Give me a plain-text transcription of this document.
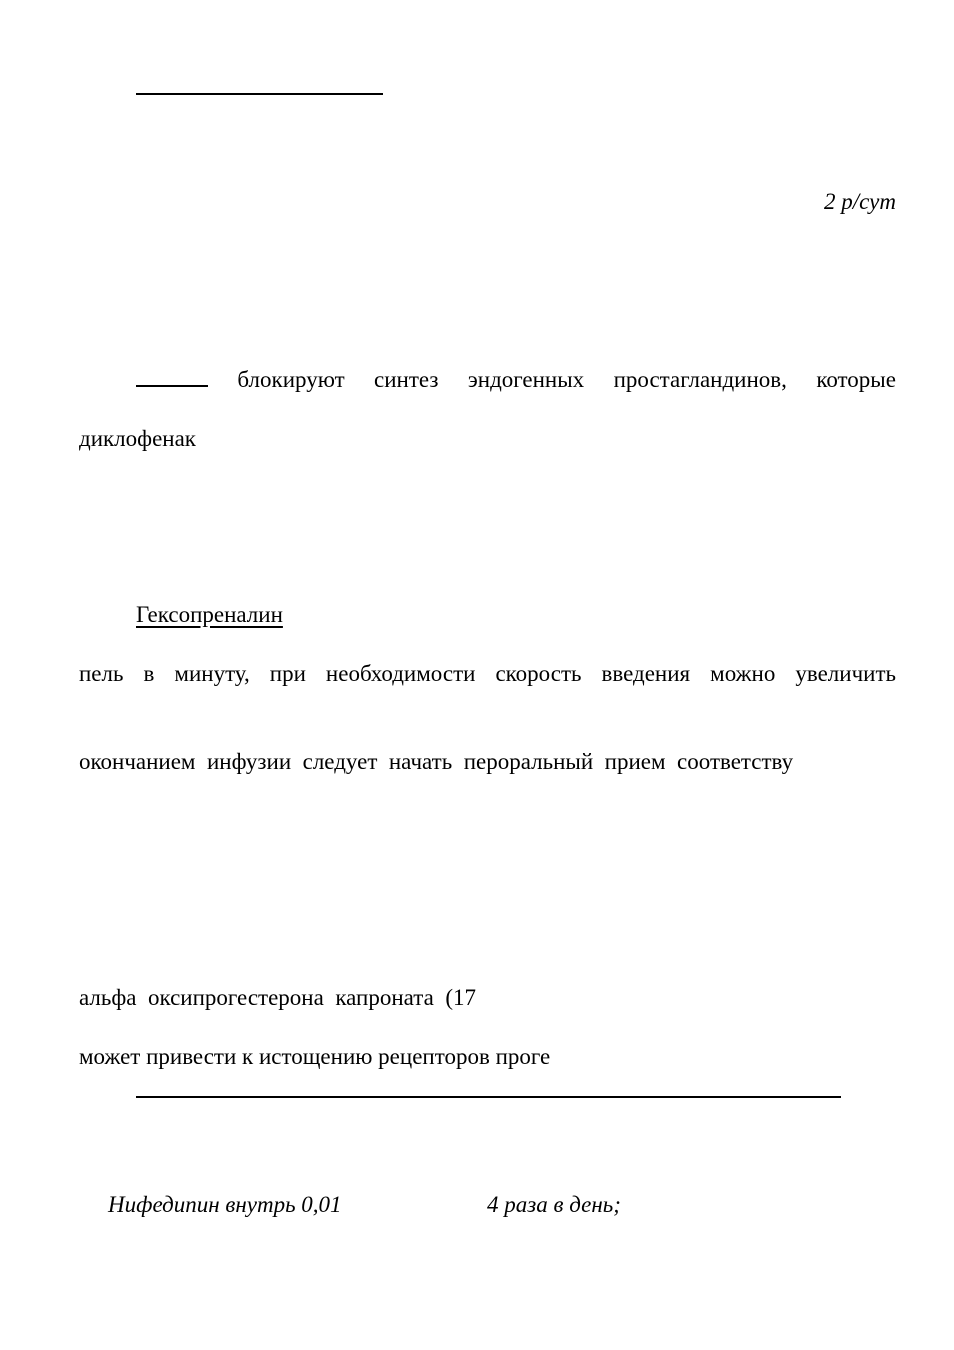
2 р/сут
блокируют синтез эндогенных простагландинов, которые
диклофенак
Гексопреналин
пель в минуту, при необходимости скорость введения можно увеличить
окончанием  инфузии  следует  начать  пероральный  прием  соответству
альфа  оксипрогестерона  капроната  (17
может привести к истощению рецепторов проге
Нифедипин внутрь 0,01	4 раза в день;
